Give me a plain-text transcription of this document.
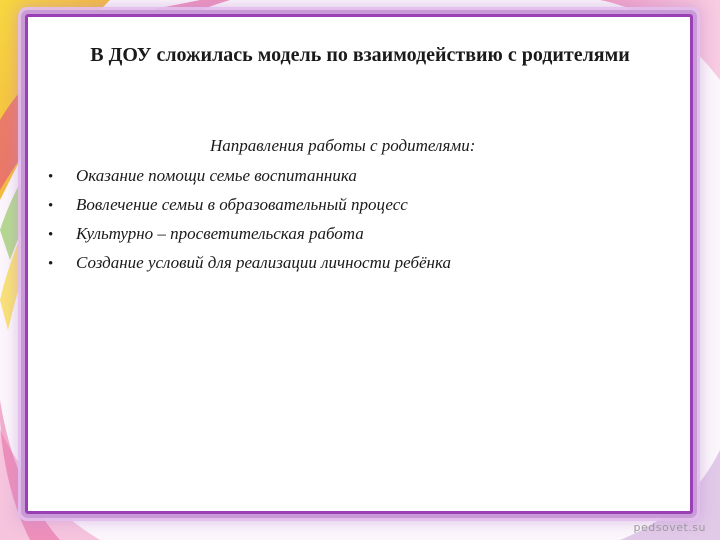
В ДОУ сложилась модель по взаимодействию с родителями

Направления работы с родителями:

•	Оказание помощи семье воспитанника
•	Вовлечение семьи в образовательный процесс
•	Культурно – просветительская работа
•	Создание условий для реализации личности ребёнка
pedsovet.su
